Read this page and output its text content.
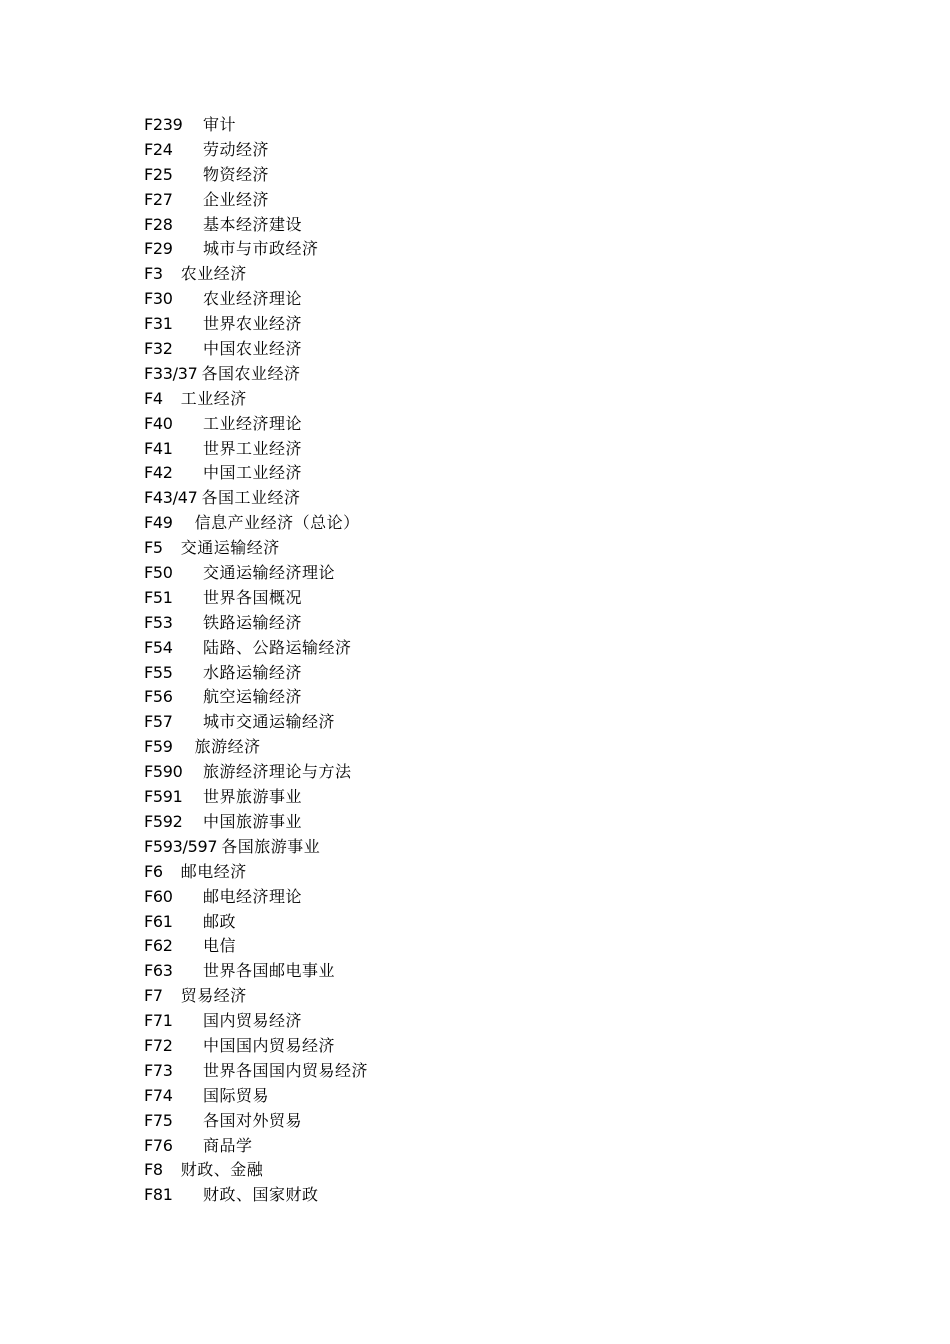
F239 审计
F24 劳动经济
F25 物资经济
F27 企业经济
F28 基本经济建设
F29 城市与市政经济
F3 农业经济
F30 农业经济理论
F31 世界农业经济
F32 中国农业经济
F33/37 各国农业经济
F4 工业经济
F40 工业经济理论
F41 世界工业经济
F42 中国工业经济
F43/47 各国工业经济
F49 信息产业经济（总论）
F5 交通运输经济
F50 交通运输经济理论
F51 世界各国概况
F53 铁路运输经济
F54 陆路、公路运输经济
F55 水路运输经济
F56 航空运输经济
F57 城市交通运输经济
F59 旅游经济
F590 旅游经济理论与方法
F591 世界旅游事业
F592 中国旅游事业
F593/597 各国旅游事业
F6 邮电经济
F60 邮电经济理论
F61 邮政
F62 电信
F63 世界各国邮电事业
F7 贸易经济
F71 国内贸易经济
F72 中国国内贸易经济
F73 世界各国国内贸易经济
F74 国际贸易
F75 各国对外贸易
F76 商品学
F8 财政、金融
F81 财政、国家财政
